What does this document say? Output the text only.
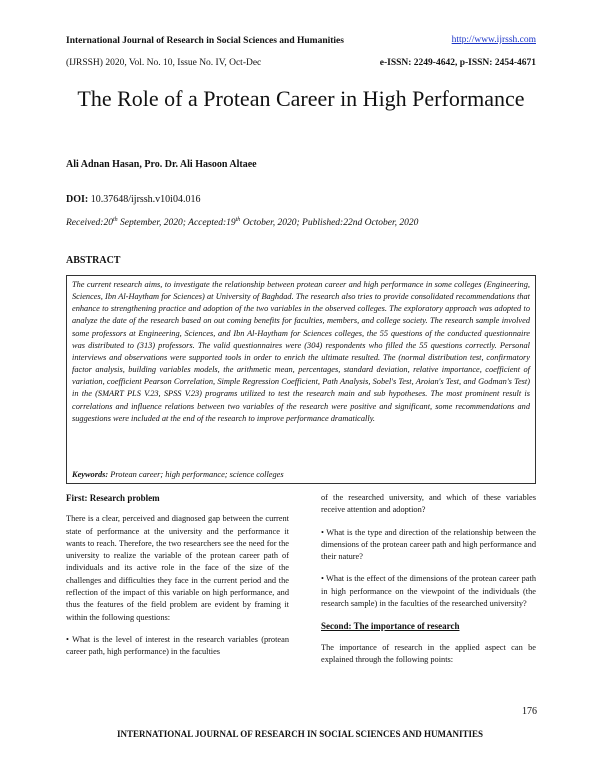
International Journal of Research in Social Sciences and Humanities	http://www.ijrssh.com
(IJRSSH) 2020, Vol. No. 10, Issue No. IV, Oct-Dec	e-ISSN: 2249-4642, p-ISSN: 2454-4671
The Role of a Protean Career in High Performance
Ali Adnan Hasan, Pro. Dr. Ali Hasoon Altaee
DOI: 10.37648/ijrssh.v10i04.016
Received:20th September, 2020; Accepted:19th October, 2020; Published:22nd October, 2020
ABSTRACT
The current research aims, to investigate the relationship between protean career and high performance in some colleges (Engineering, Sciences, Ibn Al-Haytham for Sciences) at University of Baghdad. The research also tries to provide consolidated recommendations that enhance to strengthening practice and adoption of the two variables in the observed colleges. The exploratory approach was adopted to analyze the date of the research based on out coming benefits for faculties, members, and college society. The research sample involved some professors at Engineering, Sciences, and Ibn Al-Haytham for Sciences colleges, the 55 questions of the conducted questionnaire was distributed to (313) professors. The valid questionnaires were (304) respondents who filled the 55 questions correctly. Personal interviews and observations were supported tools in order to enrich the ultimate resulted. The (normal distribution test, confirmatory factor analysis, building variables models, the arithmetic mean, percentages, standard deviation, relative importance, coefficient of variation, coefficient Pearson Correlation, Simple Regression Coefficient, Path Analysis, Sobel's Test, Aroian's Test, and Godman's Test) in the (SMART PLS V.23, SPSS V.23) programs utilized to test the research main and sub hypotheses. The most prominent result is correlations and influence relations between two variables of the research were positive and significant, some recommendations and suggestions were included at the end of the research to improve performance dramatically.
Keywords: Protean career; high performance; science colleges

First: Research problem

There is a clear, perceived and diagnosed gap between the current state of performance at the university and the performance it wants to reach. Therefore, the two researchers see the need for the university to realize the variable of the protean career path of individuals and its active role in the face of the size of the challenges and difficulties they face in the current period and the reflection of the impact of this variable on high performance, and thus the features of the field problem are evident by framing it within the following questions:

• What is the level of interest in the research variables (protean career path, high performance) in the faculties

of the researched university, and which of these variables receive attention and adoption?

• What is the type and direction of the relationship between the dimensions of the protean career path and high performance and their nature?

• What is the effect of the dimensions of the protean career path in high performance on the viewpoint of the individuals (the research sample) in the faculties of the researched university?

Second: The importance of research

The importance of research in the applied aspect can be explained through the following points:

176
INTERNATIONAL JOURNAL OF RESEARCH IN SOCIAL SCIENCES AND HUMANITIES
